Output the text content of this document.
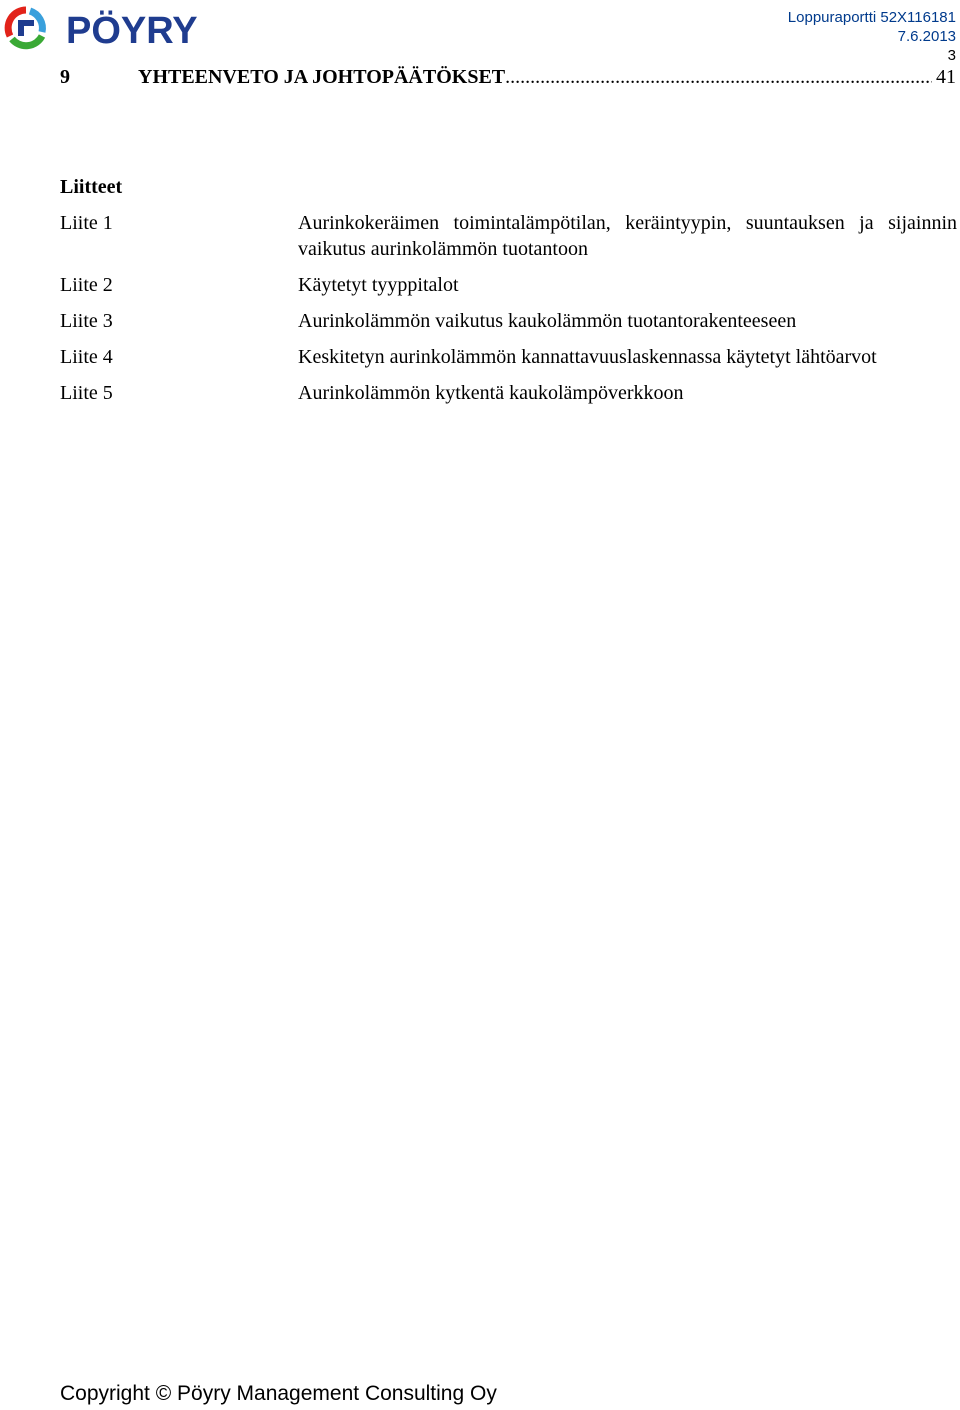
PÖYRY	Loppuraportti 52X116181
7.6.2013
3
9	YHTEENVETO JA JOHTOPÄÄTÖKSET
.....	41
Liitteet
Liite 1	Aurinkokeräimen toimintalämpötilan, keräintyypin, suuntauksen ja sijainnin vaikutus aurinkolämmön tuotantoon
Liite 2	Käytetyt tyyppitalot
Liite 3	Aurinkolämmön vaikutus kaukolämmön tuotantorakenteeseen
Liite 4	Keskitetyn aurinkolämmön kannattavuuslaskennassa käytetyt lähtöarvot
Liite 5	Aurinkolämmön kytkentä kaukolämpöverkkoon
Copyright © Pöyry Management Consulting Oy
